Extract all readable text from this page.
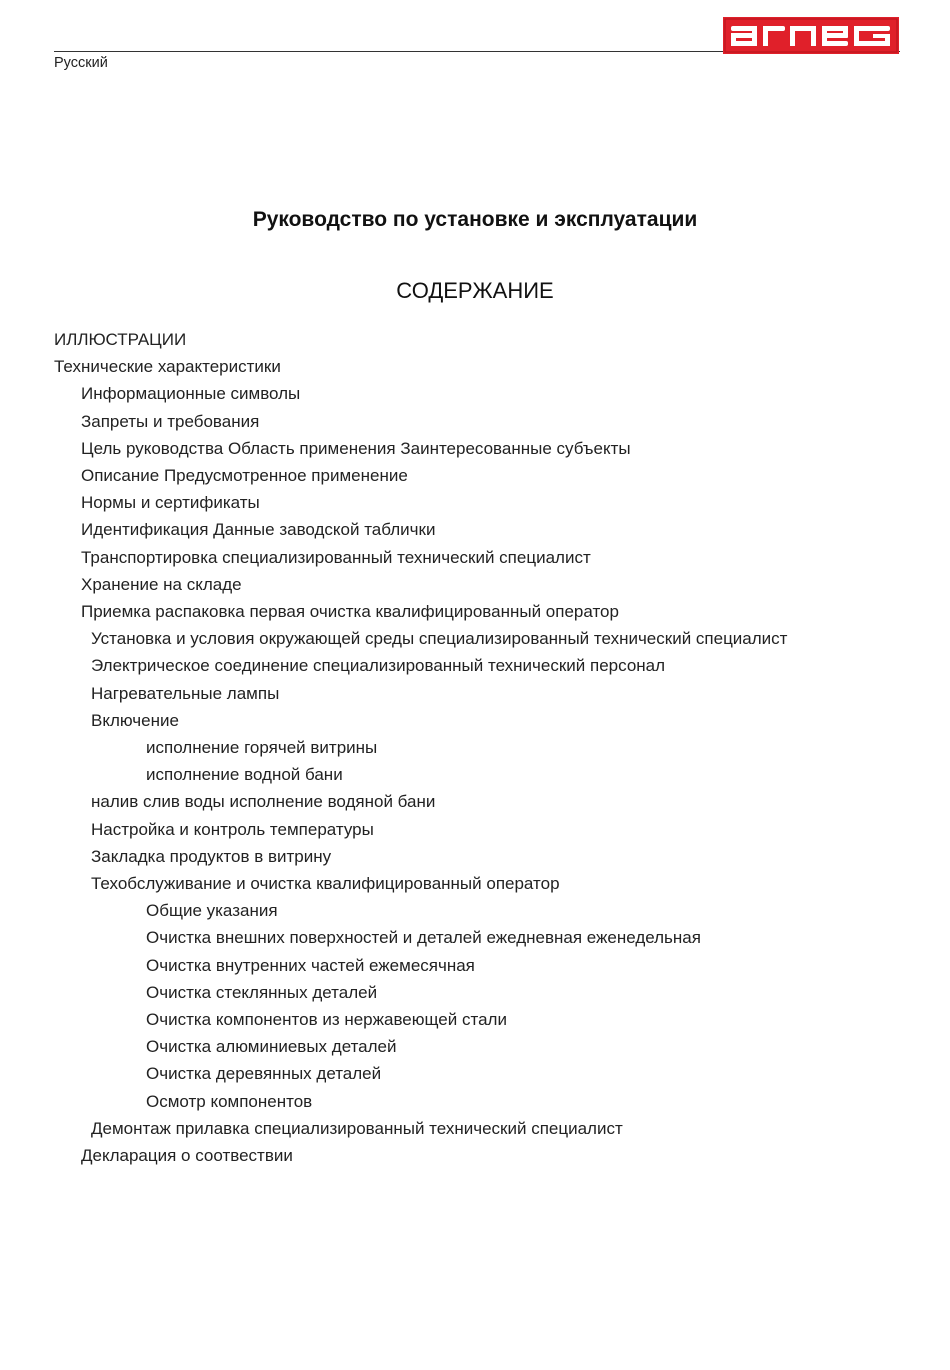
Русский
Руководство по установке и эксплуатации
СОДЕРЖАНИЕ
ИЛЛЮСТРАЦИИ
Технические характеристики
Информационные символы
Запреты и требования
Цель руководства Область применения Заинтересованные субъекты
Описание Предусмотренное применение
Нормы и сертификаты
Идентификация Данные заводской таблички
Транспортировка специализированный технический специалист
Хранение на складе
Приемка распаковка первая очистка квалифицированный оператор
Установка и условия окружающей среды специализированный технический специалист
Электрическое соединение специализированный технический персонал
Нагревательные лампы
Включение
исполнение горячей витрины
исполнение водной бани
налив слив воды исполнение водяной бани
Настройка и контроль температуры
Закладка продуктов в витрину
Техобслуживание и очистка квалифицированный оператор
Общие указания
Очистка внешних поверхностей и деталей ежедневная еженедельная
Очистка внутренних частей ежемесячная
Очистка стеклянных деталей
Очистка компонентов из нержавеющей стали
Очистка алюминиевых деталей
Очистка деревянных деталей
Осмотр компонентов
Демонтаж прилавка специализированный технический специалист
Декларация о соотвествии
